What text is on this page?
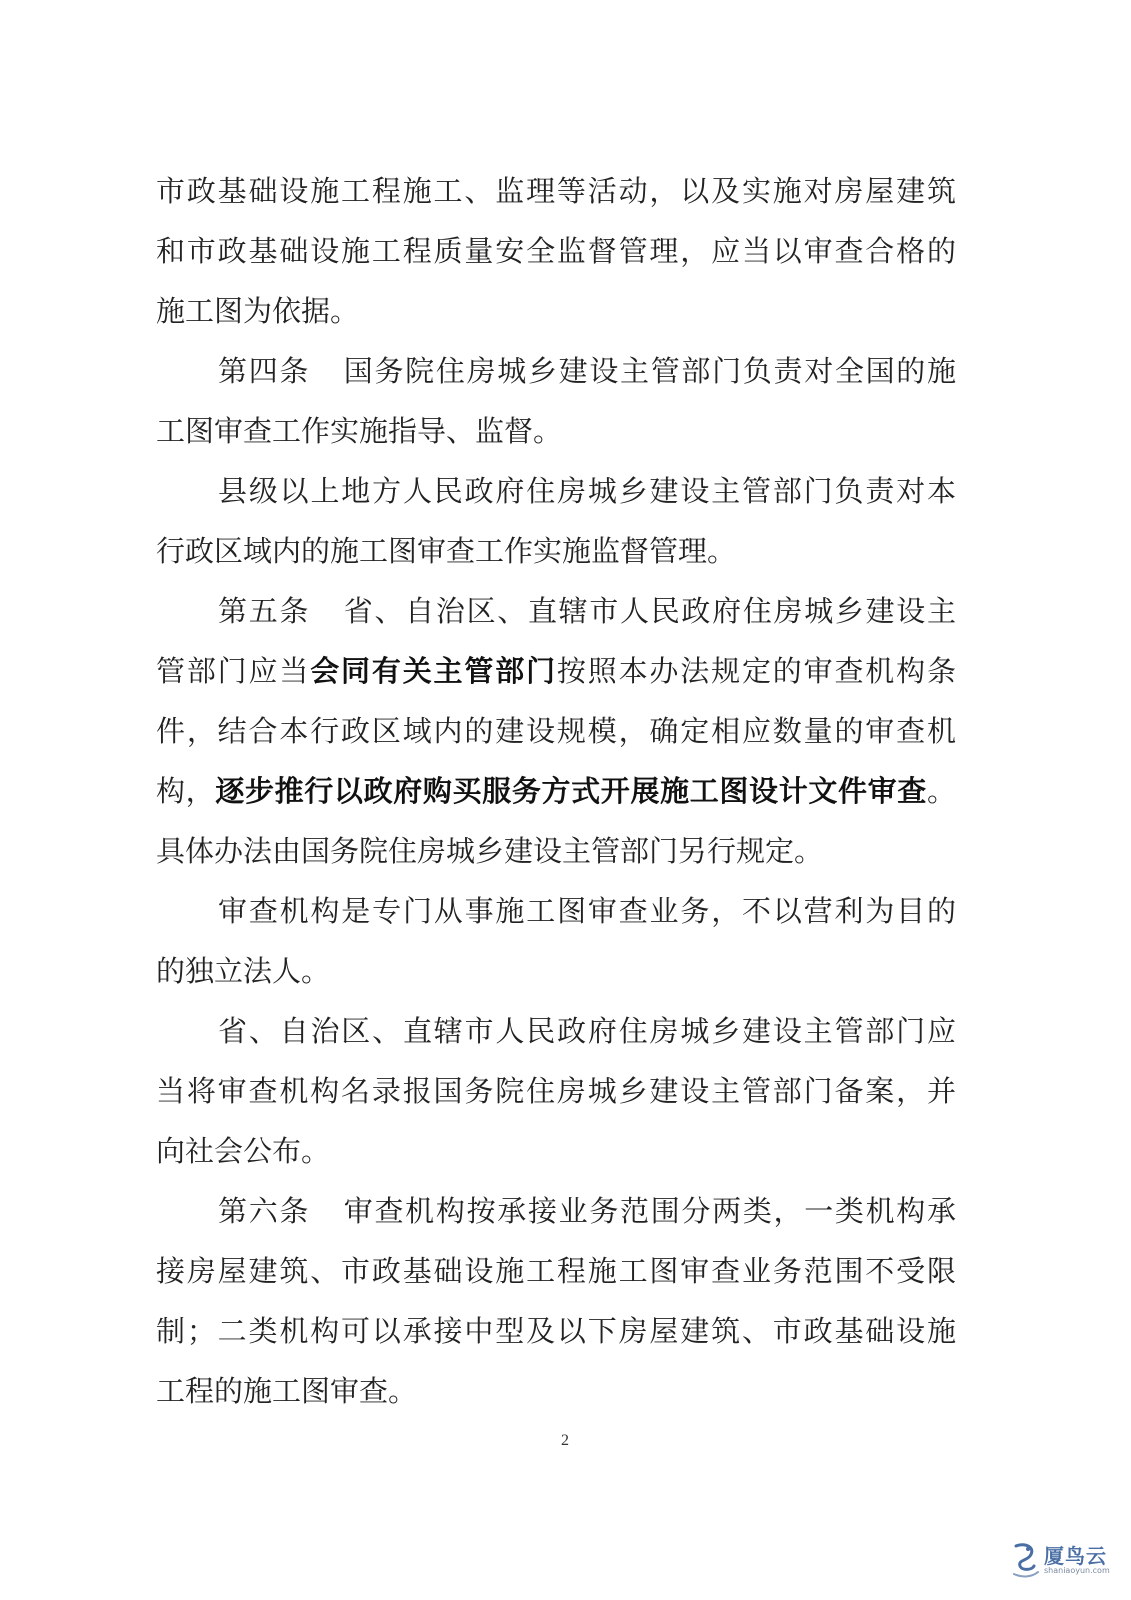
市政基础设施工程施工、监理等活动，以及实施对房屋建筑
和市政基础设施工程质量安全监督管理，应当以审查合格的
施工图为依据。
第四条 国务院住房城乡建设主管部门负责对全国的施
工图审查工作实施指导、监督。
县级以上地方人民政府住房城乡建设主管部门负责对本
行政区域内的施工图审查工作实施监督管理。
第五条 省、自治区、直辖市人民政府住房城乡建设主
管部门应当会同有关主管部门按照本办法规定的审查机构条
件，结合本行政区域内的建设规模，确定相应数量的审查机
构，逐步推行以政府购买服务方式开展施工图设计文件审查。
具体办法由国务院住房城乡建设主管部门另行规定。
审查机构是专门从事施工图审查业务，不以营利为目的
的独立法人。
省、自治区、直辖市人民政府住房城乡建设主管部门应
当将审查机构名录报国务院住房城乡建设主管部门备案，并
向社会公布。
第六条 审查机构按承接业务范围分两类，一类机构承
接房屋建筑、市政基础设施工程施工图审查业务范围不受限
制；二类机构可以承接中型及以下房屋建筑、市政基础设施
工程的施工图审查。
2
厦鸟云
shaniaoyun.com
